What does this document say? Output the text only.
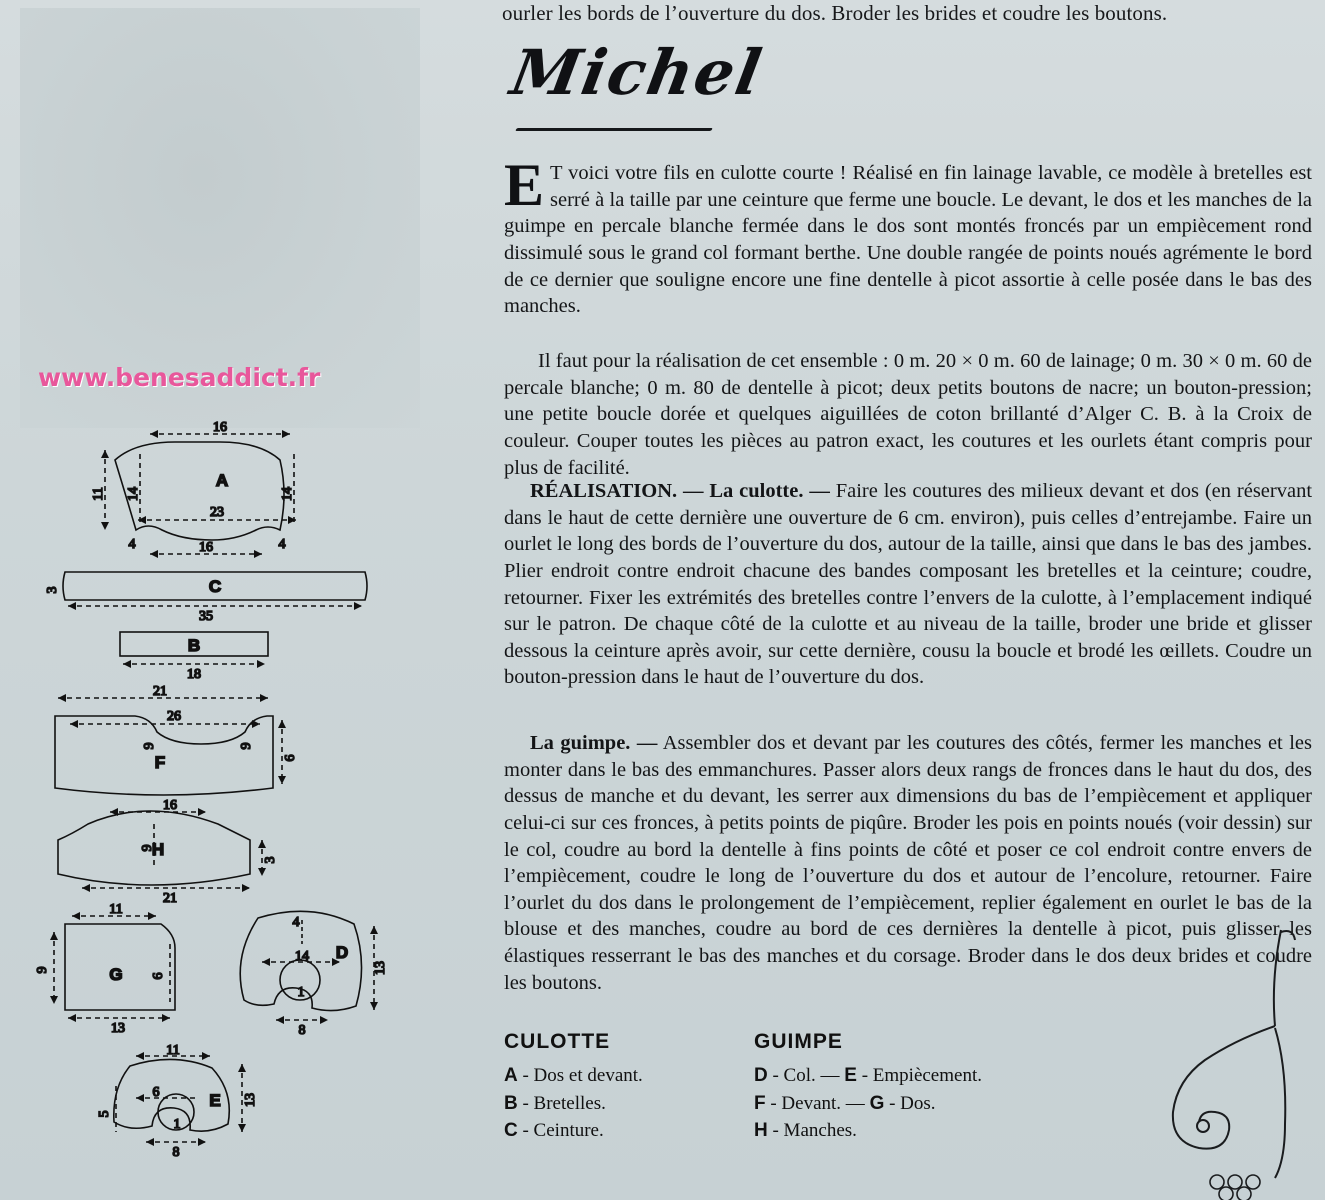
www.benesaddict.fr
A
16
11 14	14
23
4	4
16
C
3
35
B
18
F
21
26
9	9
6
H
16
9
3
21
G
11
9
6
13
D
4
14
1
13
8
E
11
6
1
13
5
8
ourler les bords de l’ouverture du dos. Broder les brides et coudre les boutons.
Michel
E T voici votre fils en culotte courte ! Réalisé en fin lainage lavable, ce modèle à bretelles est serré à la taille par une ceinture que ferme une boucle. Le devant, le dos et les manches de la guimpe en percale blanche fermée dans le dos sont montés froncés par un empiècement rond dissimulé sous le grand col formant berthe. Une double rangée de points noués agrémente le bord de ce dernier que souligne encore une fine dentelle à picot assortie à celle posée dans le bas des manches.
Il faut pour la réalisation de cet ensemble : 0 m. 20 × 0 m. 60 de lainage; 0 m. 30 × 0 m. 60 de percale blanche; 0 m. 80 de dentelle à picot; deux petits boutons de nacre; un bouton-pression; une petite boucle dorée et quelques aiguillées de coton brillanté d’Alger C. B. à la Croix de couleur. Couper toutes les pièces au patron exact, les coutures et les ourlets étant compris pour plus de facilité.
RÉALISATION. — La culotte. — Faire les coutures des milieux devant et dos (en réservant dans le haut de cette dernière une ouverture de 6 cm. environ), puis celles d’entrejambe. Faire un ourlet le long des bords de l’ouverture du dos, autour de la taille, ainsi que dans le bas des jambes. Plier endroit contre endroit chacune des bandes composant les bretelles et la ceinture; coudre, retourner. Fixer les extrémités des bretelles contre l’envers de la culotte, à l’emplacement indiqué sur le patron. De chaque côté de la culotte et au niveau de la taille, broder une bride et glisser dessous la ceinture après avoir, sur cette dernière, cousu la boucle et brodé les œillets. Coudre un bouton-pression dans le haut de l’ouverture du dos.
La guimpe. — Assembler dos et devant par les coutures des côtés, fermer les manches et les monter dans le bas des emmanchures. Passer alors deux rangs de fronces dans le haut du dos, des dessus de manche et du devant, les serrer aux dimensions du bas de l’empiècement et appliquer celui-ci sur ces fronces, à petits points de piqûre. Broder les pois en points noués (voir dessin) sur le col, coudre au bord la dentelle à fins points de côté et poser ce col endroit contre envers de l’empiècement, coudre le long de l’ouverture du dos et autour de l’encolure, retourner. Faire l’ourlet du dos dans le prolongement de l’empiècement, replier également en ourlet le bas de la blouse et des manches, coudre au bord de ces dernières la dentelle à picot, puis glisser les élastiques resserrant le bas des manches et du corsage. Broder dans le dos deux brides et coudre les boutons.
CULOTTE
A - Dos et devant.
B - Bretelles.
C - Ceinture.
GUIMPE
D - Col. — E - Empiècement.
F - Devant. — G - Dos.
H - Manches.
